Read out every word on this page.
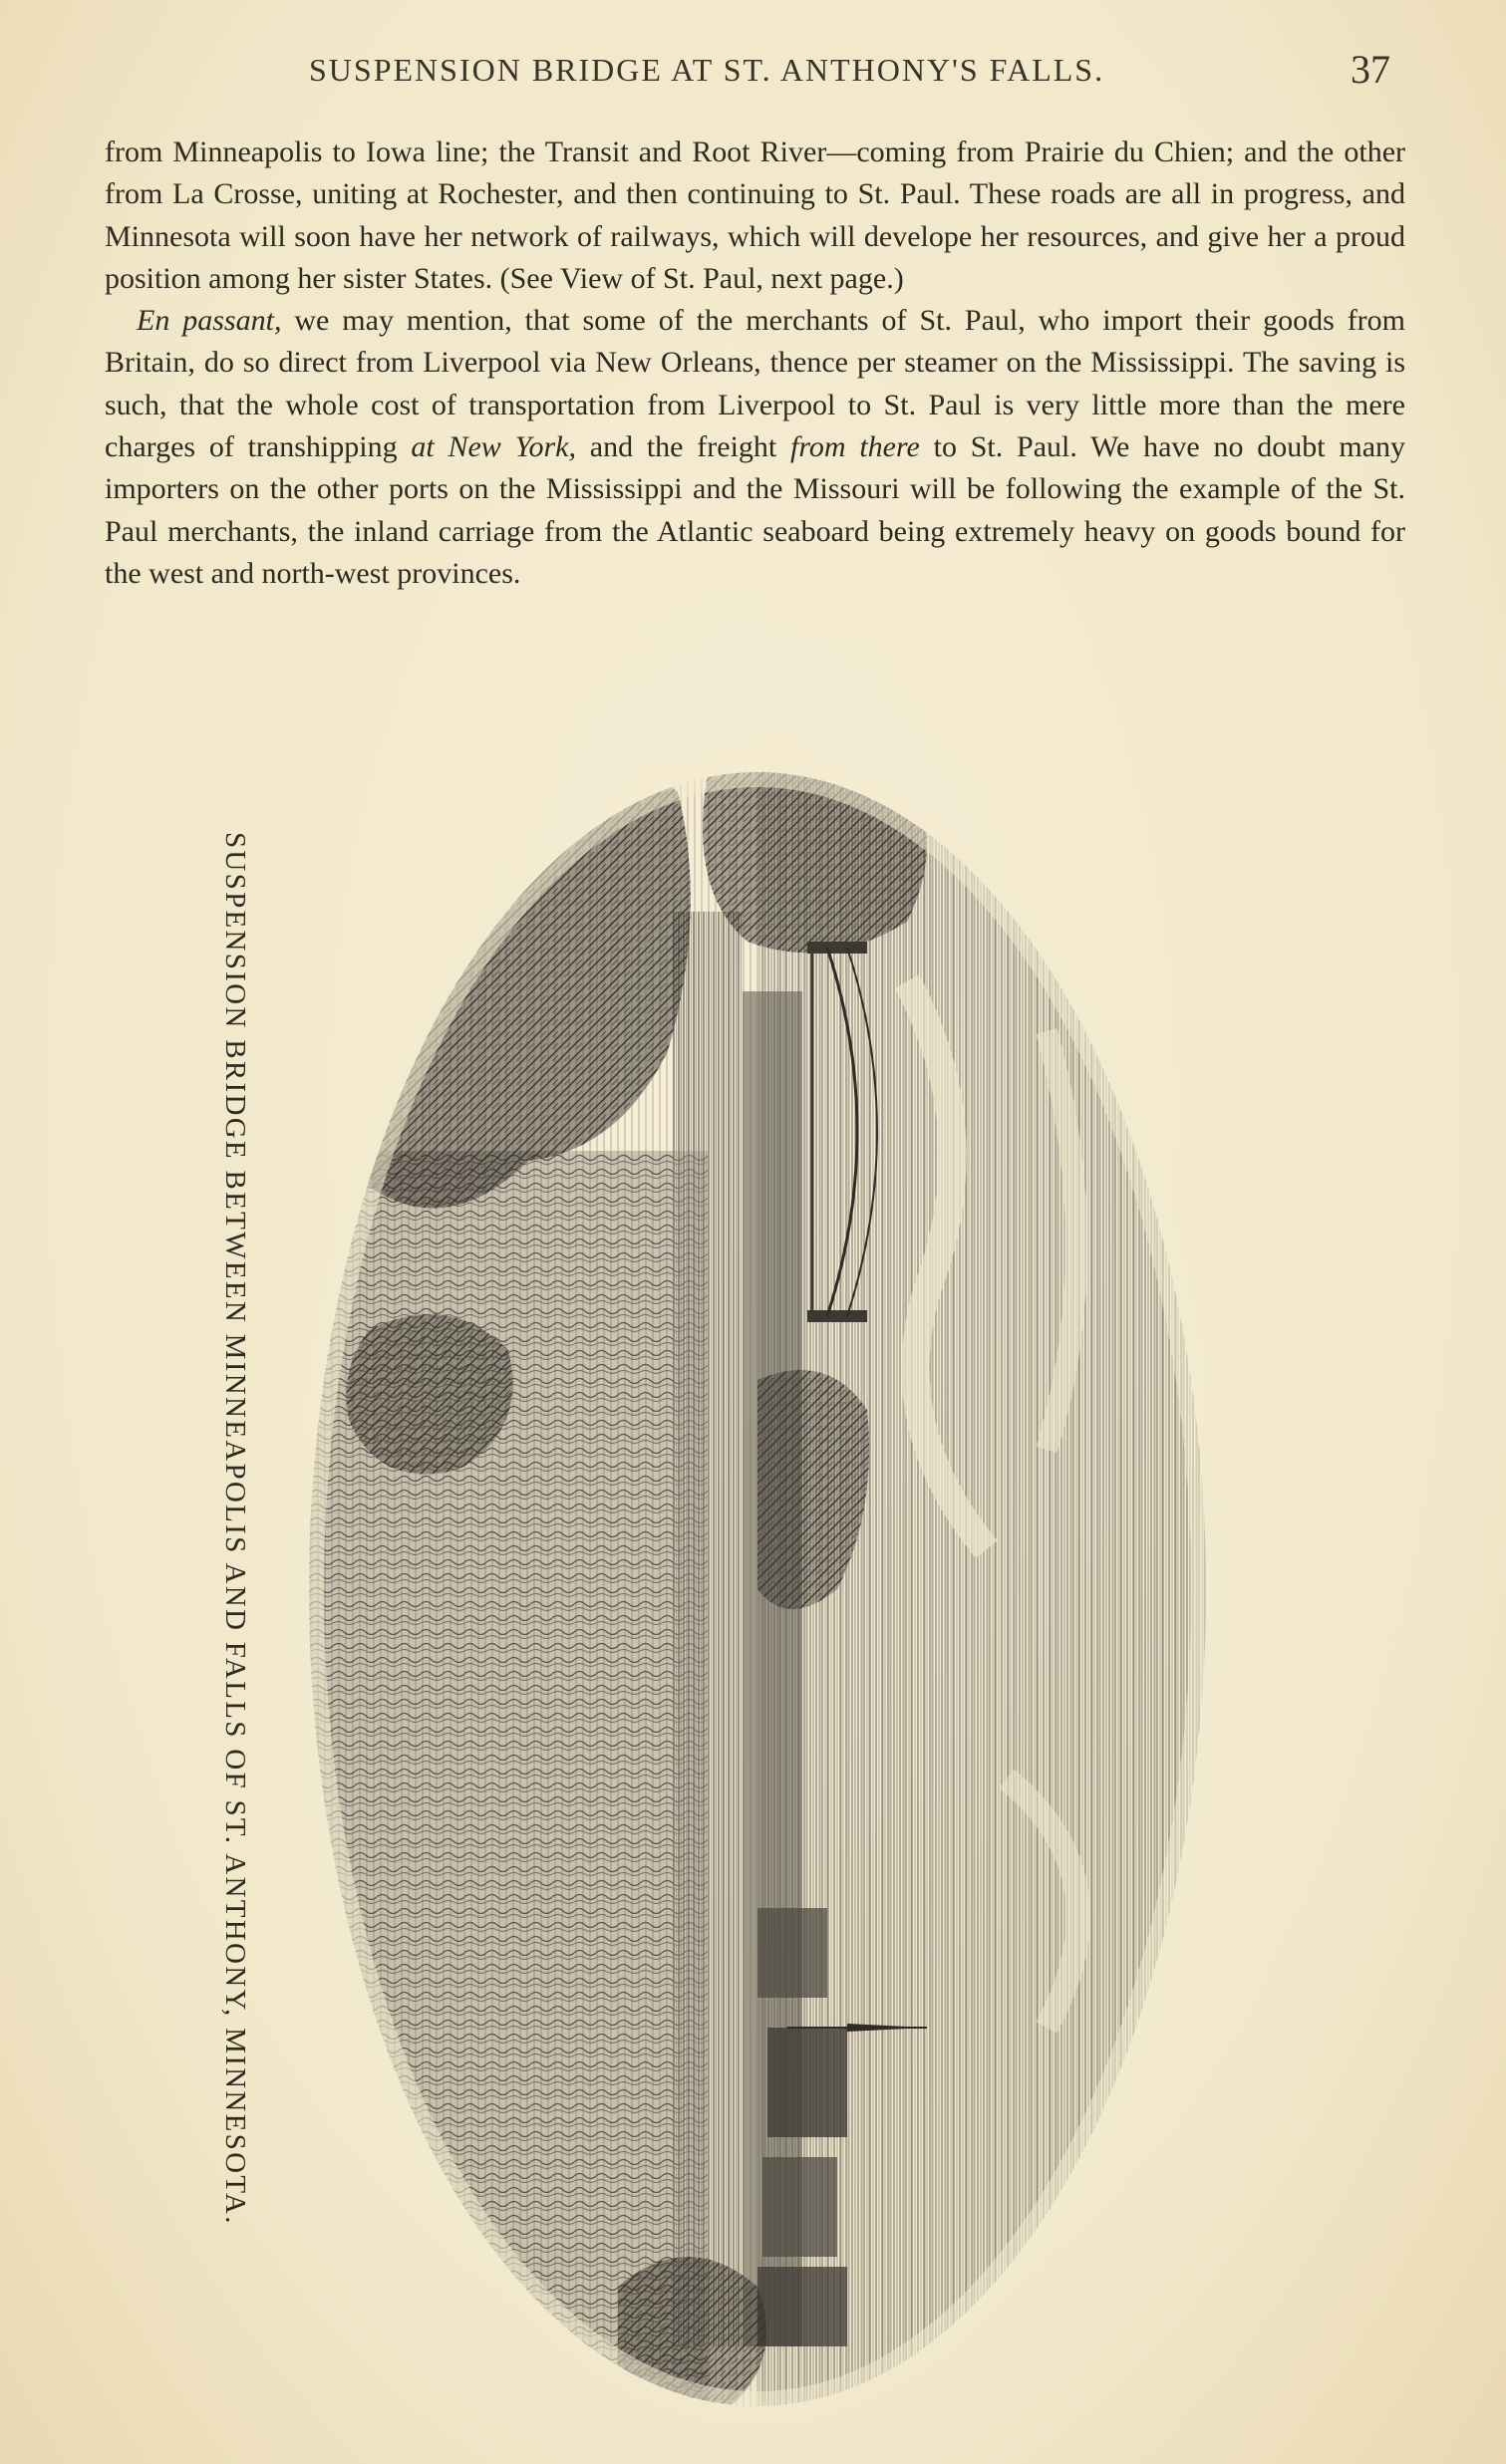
SUSPENSION BRIDGE AT ST. ANTHONY'S FALLS.	37

from Minneapolis to Iowa line; the Transit and Root River—coming from Prairie du Chien; and the other from La Crosse, uniting at Rochester, and then continuing to St. Paul. These roads are all in progress, and Minnesota will soon have her network of railways, which will develope her resources, and give her a proud position among her sister States. (See View of St. Paul, next page.)

En passant, we may mention, that some of the merchants of St. Paul, who import their goods from Britain, do so direct from Liverpool via New Orleans, thence per steamer on the Mississippi. The saving is such, that the whole cost of transportation from Liverpool to St. Paul is very little more than the mere charges of transhipping at New York, and the freight from there to St. Paul. We have no doubt many importers on the other ports on the Mississippi and the Missouri will be following the example of the St. Paul merchants, the inland carriage from the Atlantic seaboard being extremely heavy on goods bound for the west and north-west provinces.

SUSPENSION BRIDGE BETWEEN MINNEAPOLIS AND FALLS OF ST. ANTHONY, MINNESOTA.
